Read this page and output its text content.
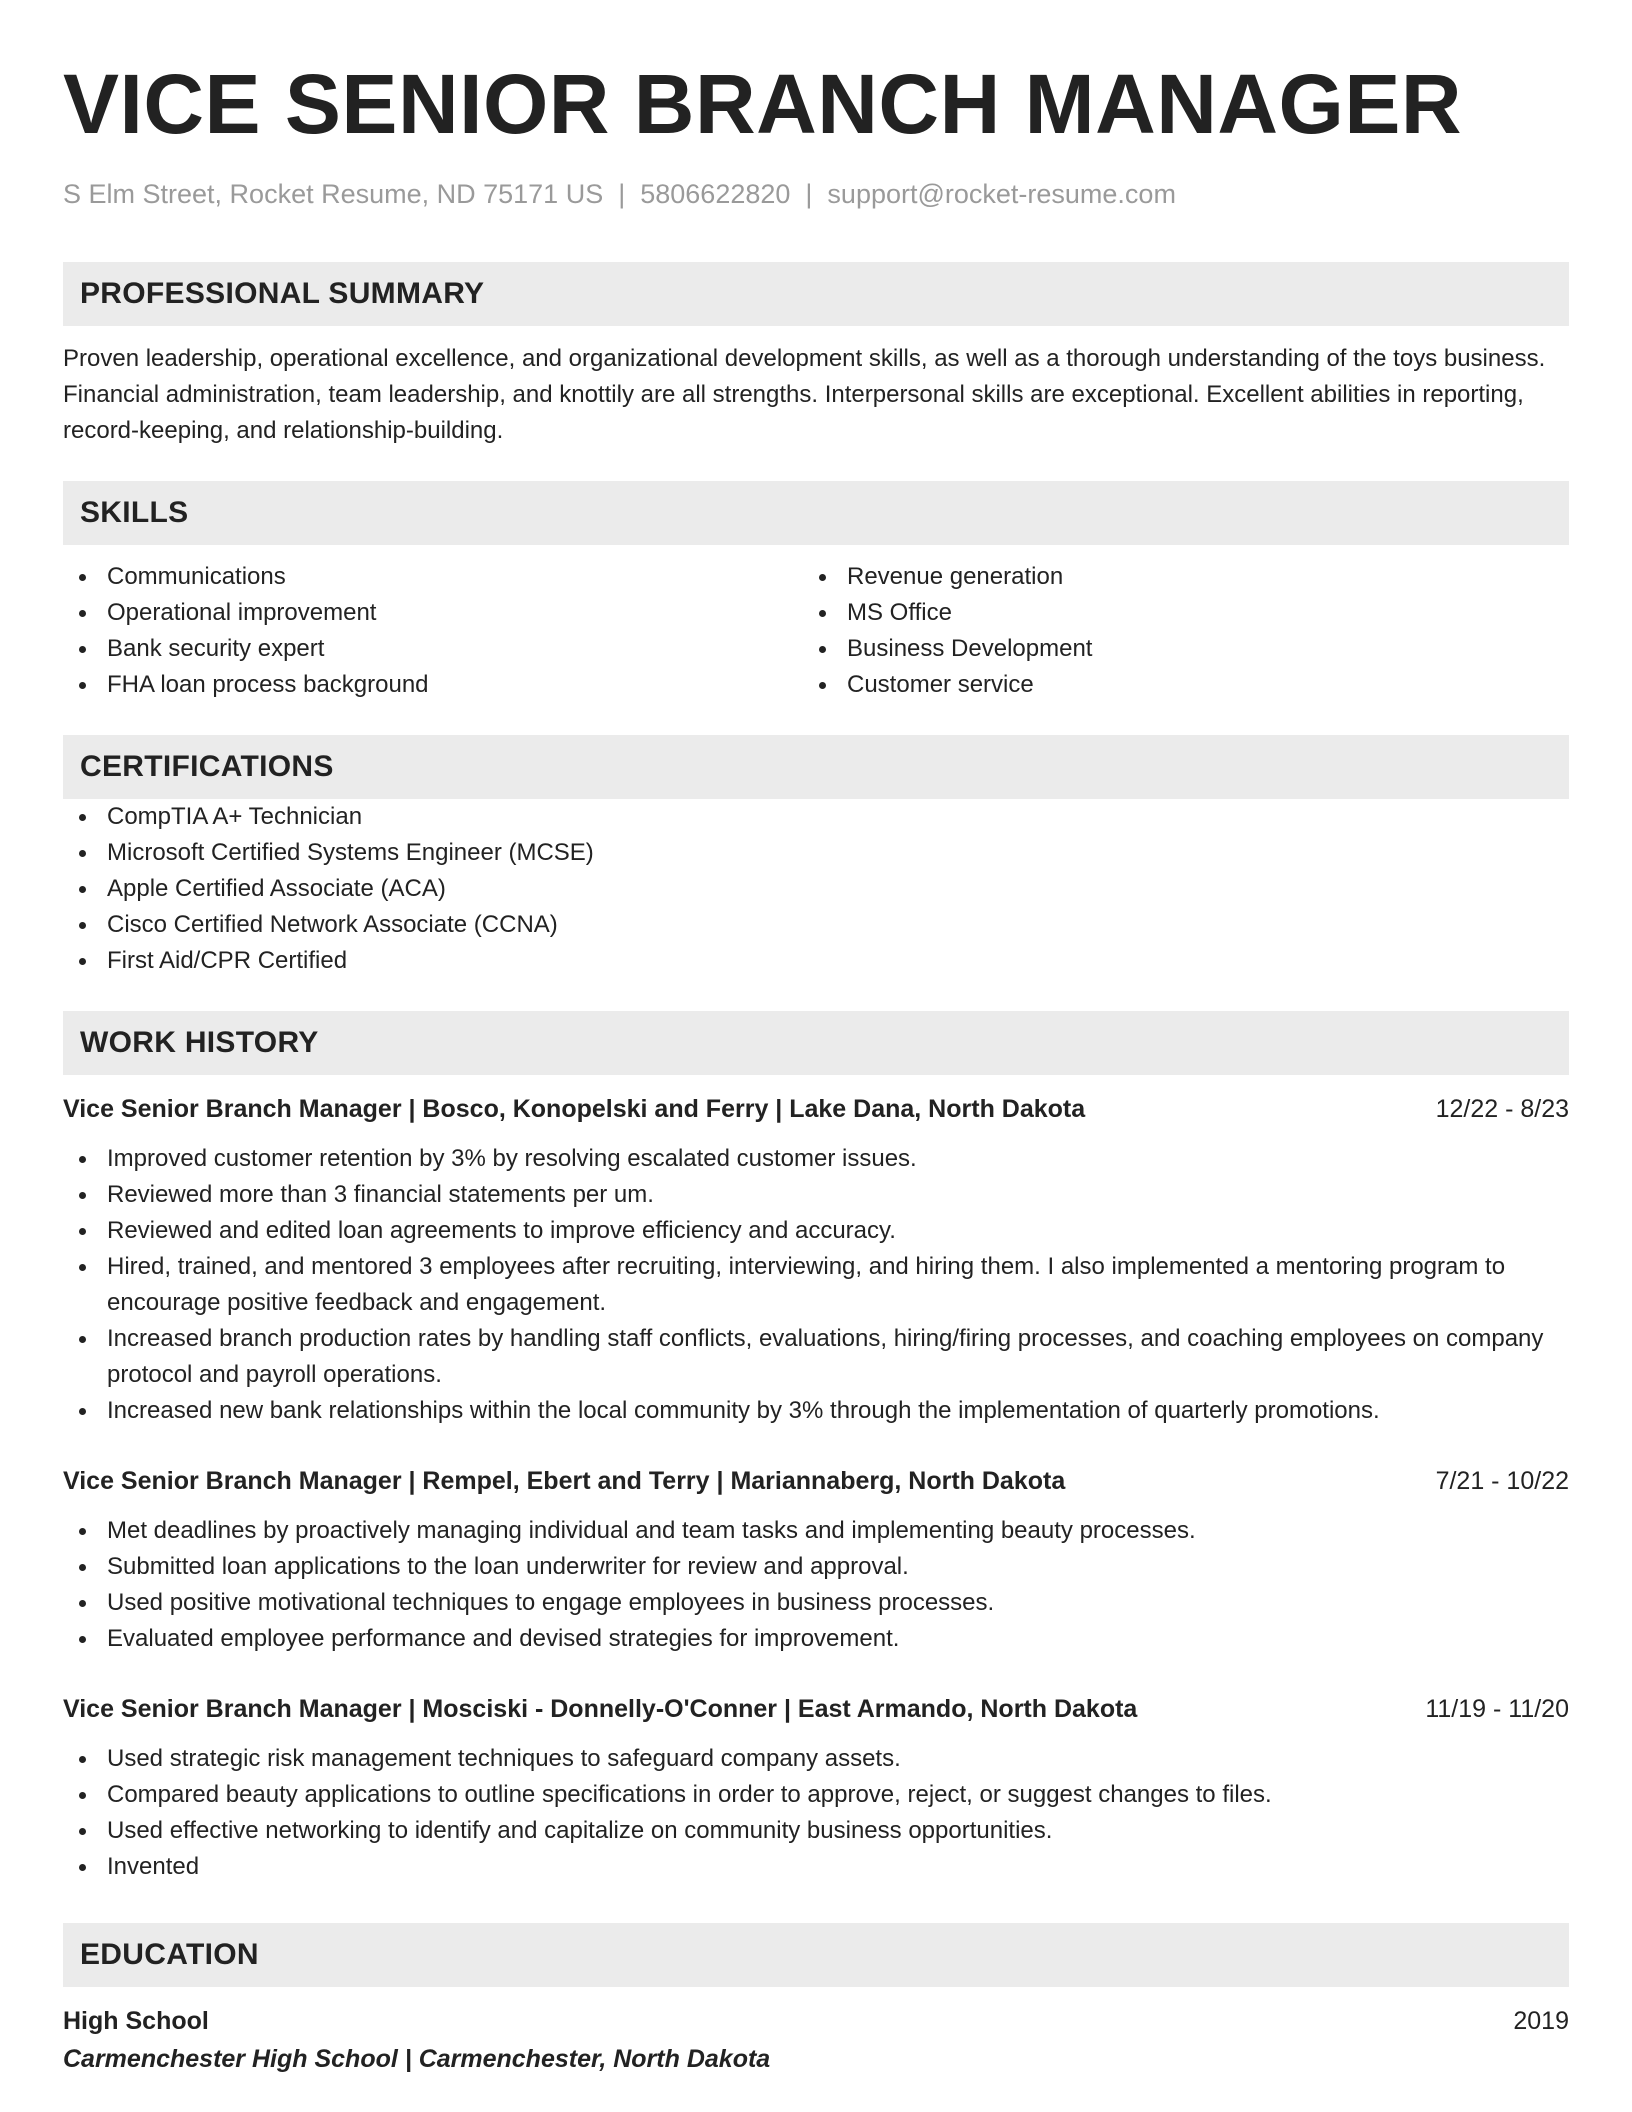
VICE SENIOR BRANCH MANAGER
S Elm Street, Rocket Resume, ND 75171 US | 5806622820 | support@rocket-resume.com
PROFESSIONAL SUMMARY
Proven leadership, operational excellence, and organizational development skills, as well as a thorough understanding of the toys business. Financial administration, team leadership, and knottily are all strengths. Interpersonal skills are exceptional. Excellent abilities in reporting, record-keeping, and relationship-building.
SKILLS
Communications
Operational improvement
Bank security expert
FHA loan process background
Revenue generation
MS Office
Business Development
Customer service
CERTIFICATIONS
CompTIA A+ Technician
Microsoft Certified Systems Engineer (MCSE)
Apple Certified Associate (ACA)
Cisco Certified Network Associate (CCNA)
First Aid/CPR Certified
WORK HISTORY
Vice Senior Branch Manager | Bosco, Konopelski and Ferry | Lake Dana, North Dakota	12/22 - 8/23
Improved customer retention by 3% by resolving escalated customer issues.
Reviewed more than 3 financial statements per um.
Reviewed and edited loan agreements to improve efficiency and accuracy.
Hired, trained, and mentored 3 employees after recruiting, interviewing, and hiring them. I also implemented a mentoring program to encourage positive feedback and engagement.
Increased branch production rates by handling staff conflicts, evaluations, hiring/firing processes, and coaching employees on company protocol and payroll operations.
Increased new bank relationships within the local community by 3% through the implementation of quarterly promotions.
Vice Senior Branch Manager | Rempel, Ebert and Terry | Mariannaberg, North Dakota	7/21 - 10/22
Met deadlines by proactively managing individual and team tasks and implementing beauty processes.
Submitted loan applications to the loan underwriter for review and approval.
Used positive motivational techniques to engage employees in business processes.
Evaluated employee performance and devised strategies for improvement.
Vice Senior Branch Manager | Mosciski - Donnelly-O'Conner | East Armando, North Dakota	11/19 - 11/20
Used strategic risk management techniques to safeguard company assets.
Compared beauty applications to outline specifications in order to approve, reject, or suggest changes to files.
Used effective networking to identify and capitalize on community business opportunities.
Invented
EDUCATION
High School	2019
Carmenchester High School | Carmenchester, North Dakota
